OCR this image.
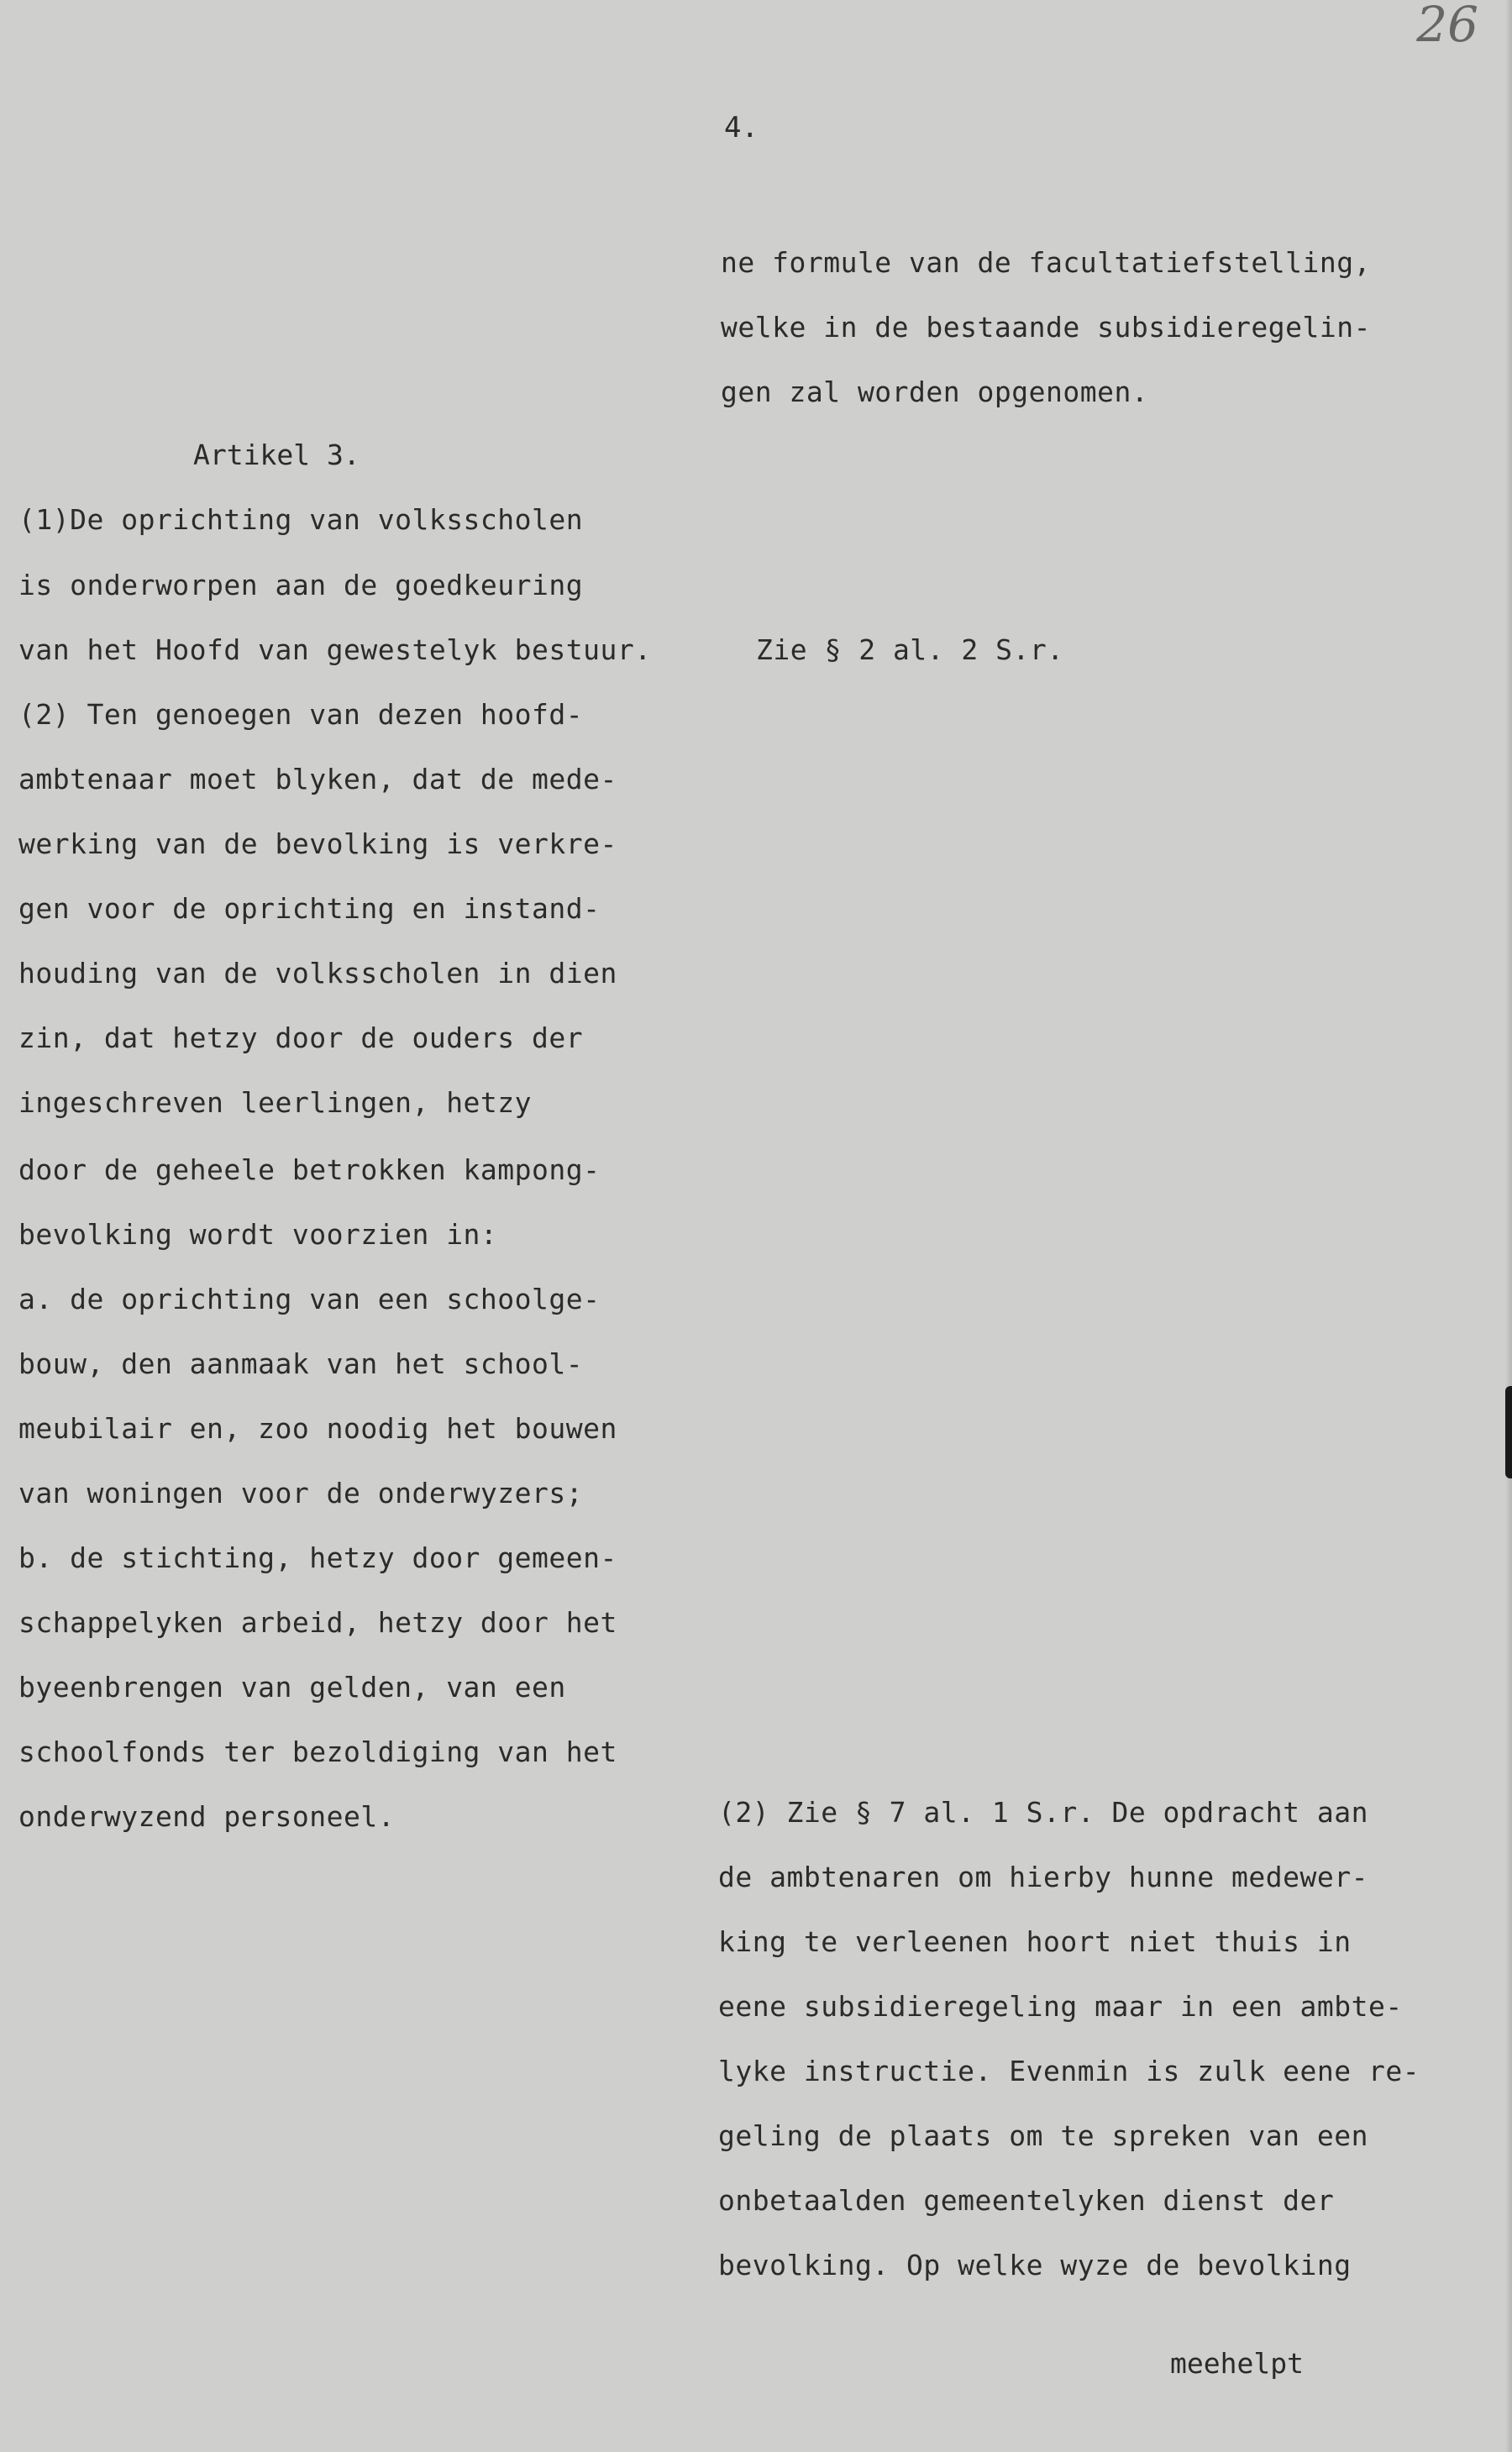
26
4.
ne formule van de facultatiefstelling,
welke in de bestaande subsidieregelin-
gen zal worden opgenomen.
Artikel 3.
(1)De oprichting van volksscholen
is onderworpen aan de goedkeuring
van het Hoofd van gewestelyk bestuur.
(2) Ten genoegen van dezen hoofd-
ambtenaar moet blyken, dat de mede-
werking van de bevolking is verkre-
gen voor de oprichting en instand-
houding van de volksscholen in dien
zin, dat hetzy door de ouders der
ingeschreven leerlingen, hetzy
door de geheele betrokken kampong-
bevolking wordt voorzien in:
a. de oprichting van een schoolge-
bouw, den aanmaak van het school-
meubilair en, zoo noodig het bouwen
van woningen voor de onderwyzers;
b. de stichting, hetzy door gemeen-
schappelyken arbeid, hetzy door het
byeenbrengen van gelden, van een
schoolfonds ter bezoldiging van het
onderwyzend personeel.
Zie § 2 al. 2 S.r.
(2) Zie § 7 al. 1 S.r. De opdracht aan
de ambtenaren om hierby hunne medewer-
king te verleenen hoort niet thuis in
eene subsidieregeling maar in een ambte-
lyke instructie. Evenmin is zulk eene re-
geling de plaats om te spreken van een
onbetaalden gemeentelyken dienst der
bevolking. Op welke wyze de bevolking
meehelpt
